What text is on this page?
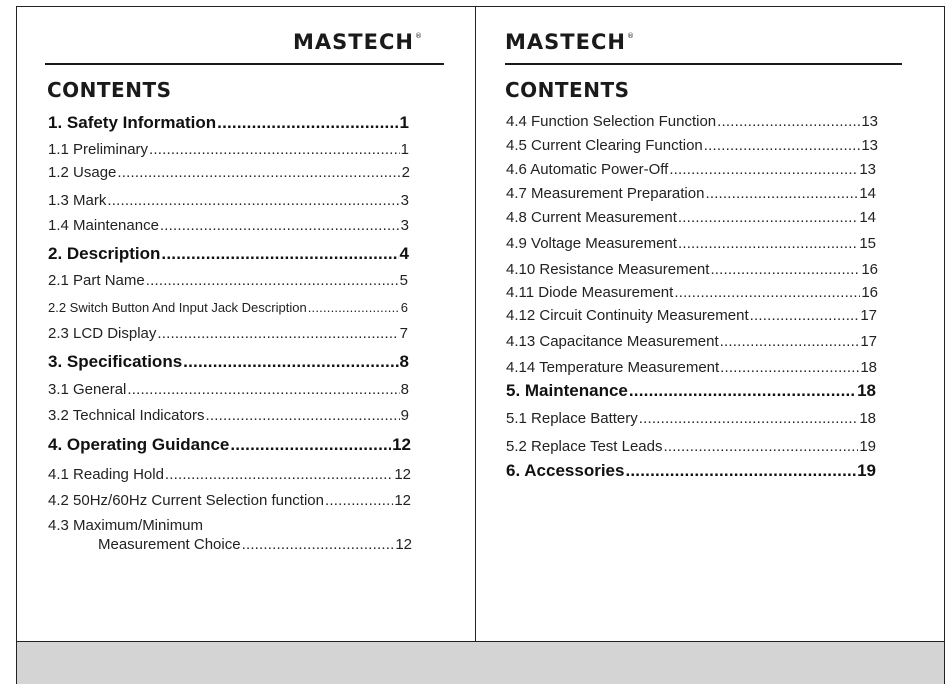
MASTECH®
CONTENTS
1. Safety Information .....	1
1.1 Preliminary .....	1
1.2 Usage .....	2
1.3 Mark .....	3
1.4 Maintenance .....	3
2. Description .....	4
2.1 Part Name .....	5
2.2 Switch Button And Input Jack Description .....	6
2.3 LCD Display .....	7
3. Specifications .....	8
3.1 General .....	8
3.2 Technical Indicators .....	9
4. Operating Guidance .....	12
4.1 Reading Hold .....	12
4.2 50Hz/60Hz Current Selection function .....	12
4.3 Maximum/Minimum
Measurement Choice .....	12
MASTECH®
CONTENTS
4.4 Function Selection Function .....	13
4.5 Current Clearing Function .....	13
4.6 Automatic Power-Off .....	13
4.7 Measurement Preparation .....	14
4.8 Current Measurement .....	14
4.9 Voltage Measurement .....	15
4.10 Resistance Measurement .....	16
4.11 Diode Measurement .....	16
4.12 Circuit Continuity Measurement .....	17
4.13 Capacitance Measurement .....	17
4.14 Temperature Measurement .....	18
5. Maintenance .....	18
5.1 Replace Battery .....	18
5.2 Replace Test Leads .....	19
6. Accessories .....	19
